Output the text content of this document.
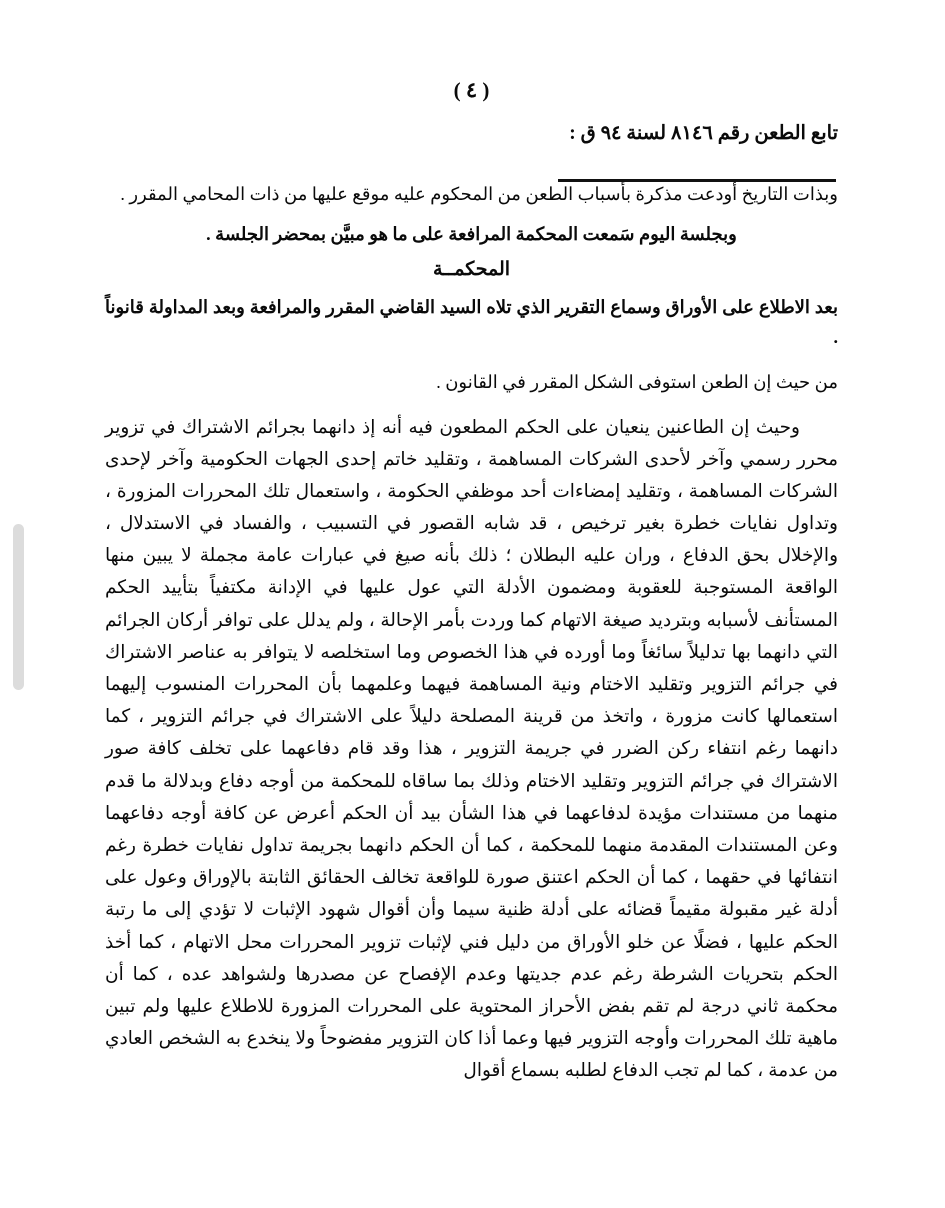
( ٤ )
تابع الطعن رقم ٨١٤٦ لسنة ٩٤ ق :

وبذات التاريخ أودعت مذكرة بأسباب الطعن من المحكوم عليه موقع عليها من ذات المحامي المقرر .

وبجلسة اليوم سَمعت المحكمة المرافعة على ما هو مبيَّن بمحضر الجلسة .

المحكمــة

بعد الاطلاع على الأوراق وسماع التقرير الذي تلاه السيد القاضي المقرر والمرافعة وبعد المداولة قانوناً .

من حيث إن الطعن استوفى الشكل المقرر في القانون .

وحيث إن الطاعنين ينعيان على الحكم المطعون فيه أنه إذ دانهما بجرائم الاشتراك في تزوير محرر رسمي وآخر لأحدى الشركات المساهمة ، وتقليد خاتم إحدى الجهات الحكومية وآخر لإحدى الشركات المساهمة ، وتقليد إمضاءات أحد موظفي الحكومة ، واستعمال تلك المحررات المزورة ، وتداول نفايات خطرة بغير ترخيص ، قد شابه القصور في التسبيب ، والفساد في الاستدلال ، والإخلال بحق الدفاع ، وران عليه البطلان ؛ ذلك بأنه صيغ في عبارات عامة مجملة لا يبين منها الواقعة المستوجبة للعقوبة ومضمون الأدلة التي عول عليها في الإدانة مكتفياً بتأييد الحكم المستأنف لأسبابه وبترديد صيغة الاتهام كما وردت بأمر الإحالة ، ولم يدلل على توافر أركان الجرائم التي دانهما بها تدليلاً سائغاً وما أورده في هذا الخصوص وما استخلصه لا يتوافر به عناصر الاشتراك في جرائم التزوير وتقليد الاختام ونية المساهمة فيهما وعلمهما بأن المحررات المنسوب إليهما استعمالها كانت مزورة ، واتخذ من قرينة المصلحة دليلاً على الاشتراك في جرائم التزوير ، كما دانهما رغم انتفاء ركن الضرر في جريمة التزوير ، هذا وقد قام دفاعهما على تخلف كافة صور الاشتراك في جرائم التزوير وتقليد الاختام وذلك بما ساقاه للمحكمة من أوجه دفاع وبدلالة ما قدم منهما من مستندات مؤيدة لدفاعهما في هذا الشأن بيد أن الحكم أعرض عن كافة أوجه دفاعهما وعن المستندات المقدمة منهما للمحكمة ، كما أن الحكم دانهما بجريمة تداول نفايات خطرة رغم انتفائها في حقهما ، كما أن الحكم اعتنق صورة للواقعة تخالف الحقائق الثابتة بالإوراق وعول على أدلة غير مقبولة مقيماً قضائه على أدلة ظنية سيما وأن أقوال شهود الإثبات لا تؤدي إلى ما رتبة الحكم عليها ، فضلًا عن خلو الأوراق من دليل فني لإثبات تزوير المحررات محل الاتهام ، كما أخذ الحكم بتحريات الشرطة رغم عدم جديتها وعدم الإفصاح عن مصدرها ولشواهد عده ، كما أن محكمة ثاني درجة لم تقم بفض الأحراز المحتوية على المحررات المزورة للاطلاع عليها ولم تبين ماهية تلك المحررات وأوجه التزوير فيها وعما أذا كان التزوير مفضوحاً ولا ينخدع به الشخص العادي من عدمة ، كما لم تجب الدفاع لطلبه بسماع أقوال
